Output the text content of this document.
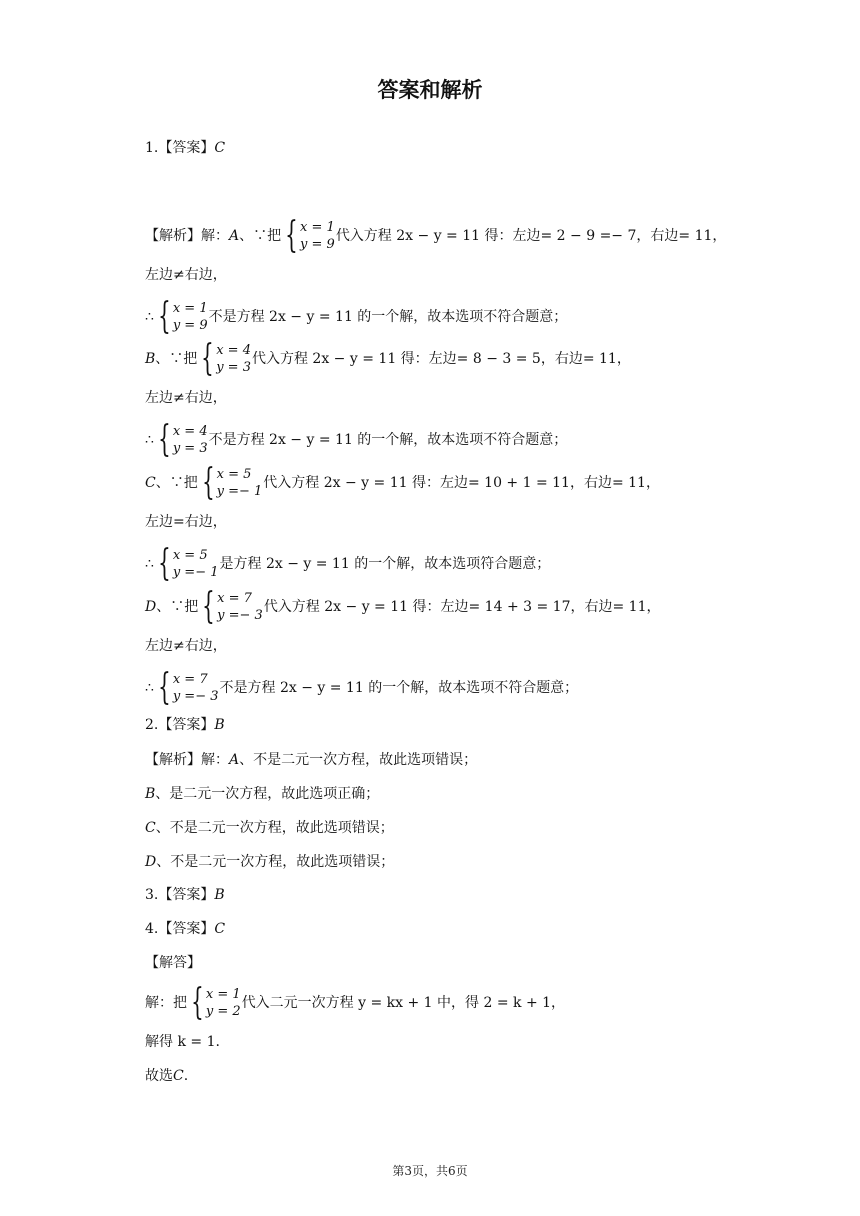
答案和解析
1.【答案】 C
【解析】解： A 、∵把 { x = 1
y = 9
代入方程 2x − y = 11 得：左边= 2 − 9 =− 7，右边= 11，
左边≠右边，
∴ { x = 1
y = 9
不是方程 2x − y = 11 的一个解，故本选项不符合题意；
B 、∵把 { x = 4
y = 3
代入方程 2x − y = 11 得：左边= 8 − 3 = 5，右边= 11，
左边≠右边，
∴ { x = 4
y = 3
不是方程 2x − y = 11 的一个解，故本选项不符合题意；
C 、∵把 { x = 5
y =− 1
代入方程 2x − y = 11 得：左边= 10 + 1 = 11，右边= 11，
左边=右边，
∴ { x = 5
y =− 1
是方程 2x − y = 11 的一个解，故本选项符合题意；
D 、∵把 { x = 7
y =− 3
代入方程 2x − y = 11 得：左边= 14 + 3 = 17，右边= 11，
左边≠右边，
∴ { x = 7
y =− 3
不是方程 2x − y = 11 的一个解，故本选项不符合题意；
2.【答案】 B
【解析】解： A 、不是二元一次方程，故此选项错误；
B 、是二元一次方程，故此选项正确；
C 、不是二元一次方程，故此选项错误；
D 、不是二元一次方程，故此选项错误；
3.【答案】 B
4.【答案】 C
【解答】
解：把 { x = 1
y = 2
代入二元一次方程 y = kx + 1 中，得 2 = k + 1，
解得 k = 1.
故选 C .
第3页，共6页
